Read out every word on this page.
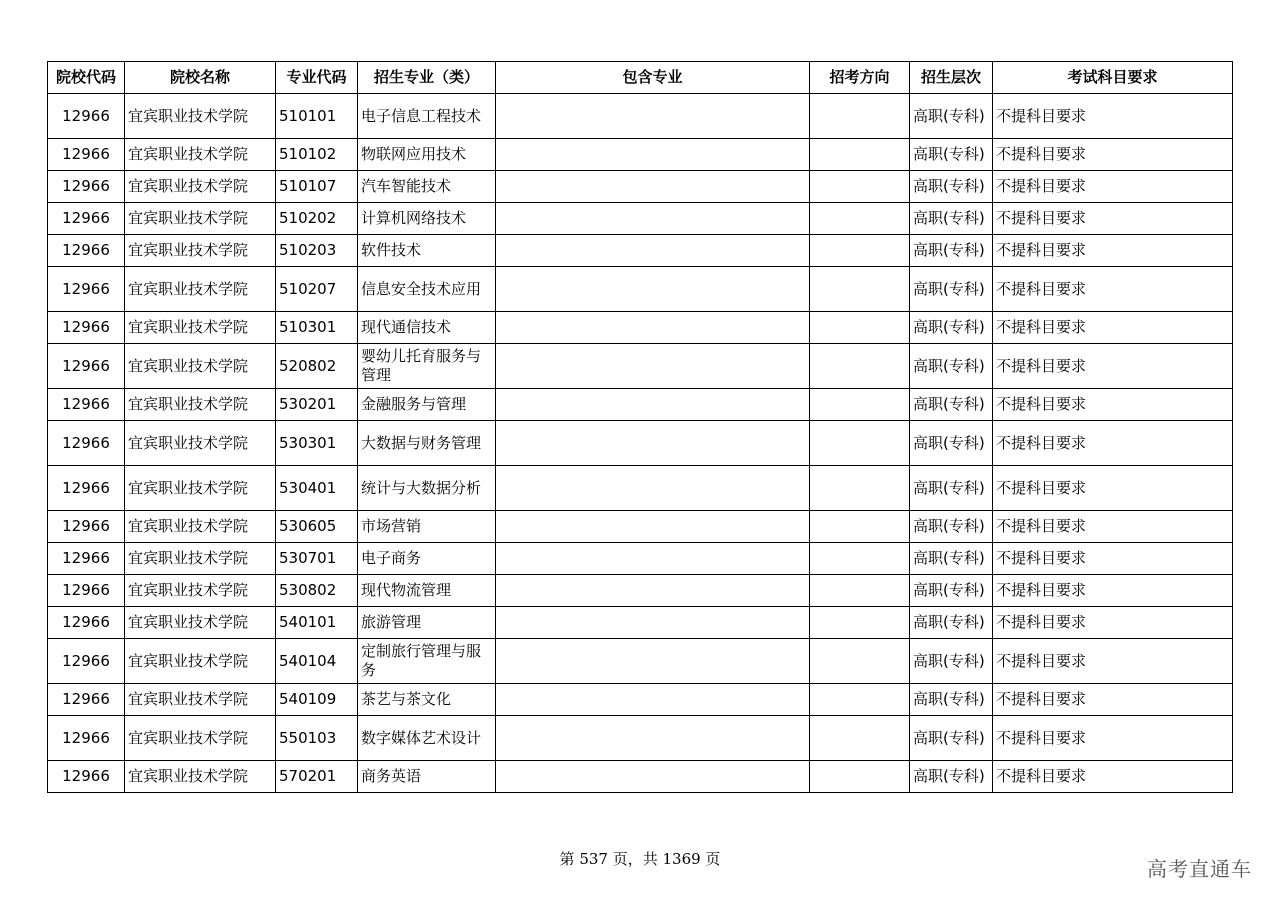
院校代码	院校名称	专业代码	招生专业（类）	包含专业	招考方向	招生层次	考试科目要求
12966	宜宾职业技术学院	510101	电子信息工程技术			高职(专科)	不提科目要求
12966	宜宾职业技术学院	510102	物联网应用技术			高职(专科)	不提科目要求
12966	宜宾职业技术学院	510107	汽车智能技术			高职(专科)	不提科目要求
12966	宜宾职业技术学院	510202	计算机网络技术			高职(专科)	不提科目要求
12966	宜宾职业技术学院	510203	软件技术			高职(专科)	不提科目要求
12966	宜宾职业技术学院	510207	信息安全技术应用			高职(专科)	不提科目要求
12966	宜宾职业技术学院	510301	现代通信技术			高职(专科)	不提科目要求
12966	宜宾职业技术学院	520802	婴幼儿托育服务与管理			高职(专科)	不提科目要求
12966	宜宾职业技术学院	530201	金融服务与管理			高职(专科)	不提科目要求
12966	宜宾职业技术学院	530301	大数据与财务管理			高职(专科)	不提科目要求
12966	宜宾职业技术学院	530401	统计与大数据分析			高职(专科)	不提科目要求
12966	宜宾职业技术学院	530605	市场营销			高职(专科)	不提科目要求
12966	宜宾职业技术学院	530701	电子商务			高职(专科)	不提科目要求
12966	宜宾职业技术学院	530802	现代物流管理			高职(专科)	不提科目要求
12966	宜宾职业技术学院	540101	旅游管理			高职(专科)	不提科目要求
12966	宜宾职业技术学院	540104	定制旅行管理与服务			高职(专科)	不提科目要求
12966	宜宾职业技术学院	540109	茶艺与茶文化			高职(专科)	不提科目要求
12966	宜宾职业技术学院	550103	数字媒体艺术设计			高职(专科)	不提科目要求
12966	宜宾职业技术学院	570201	商务英语			高职(专科)	不提科目要求
第 537 页，共 1369 页	高考直通车
